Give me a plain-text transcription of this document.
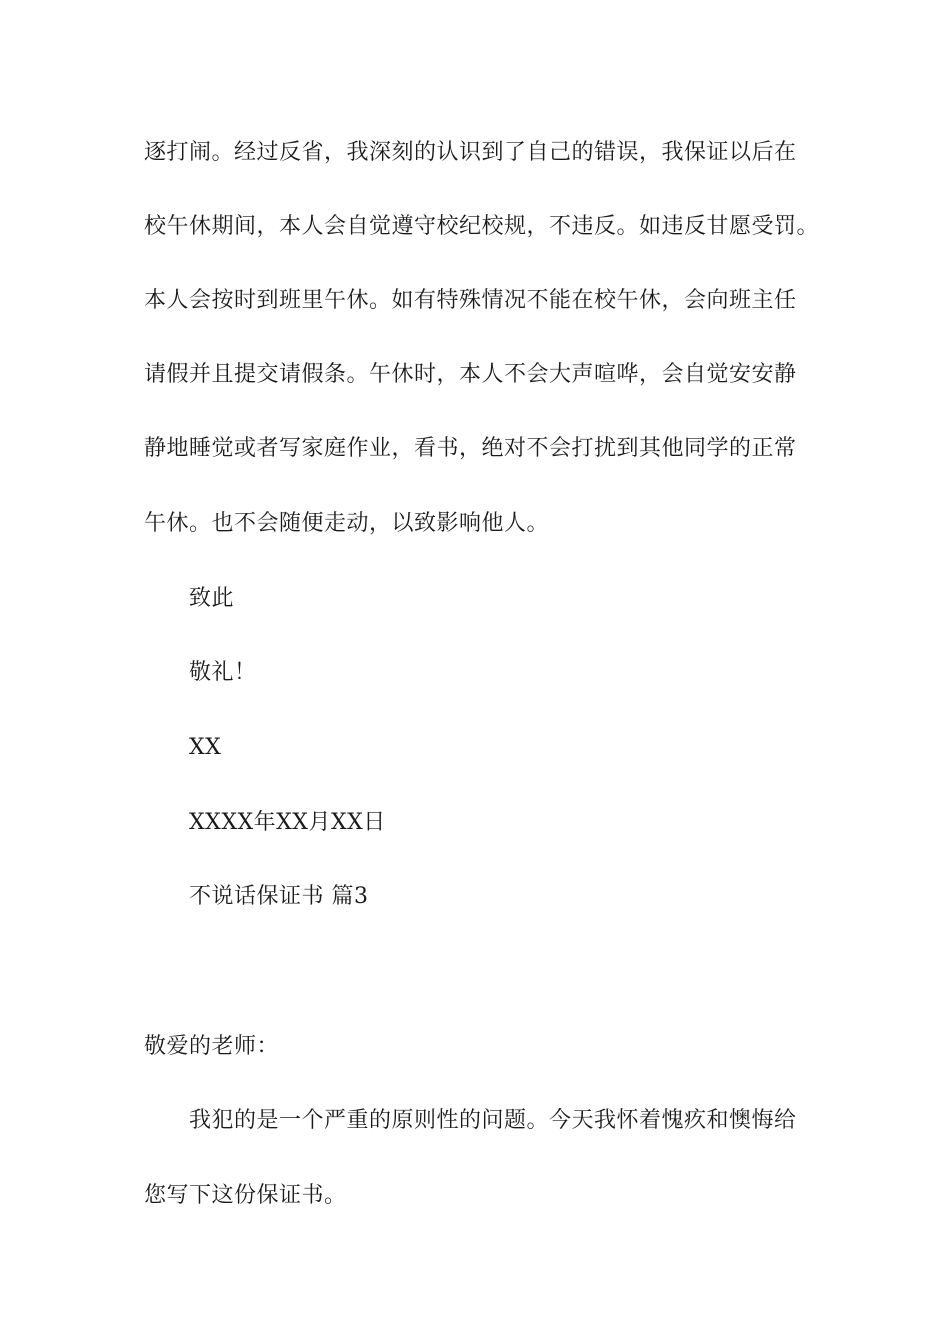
逐打闹。经过反省，我深刻的认识到了自己的错误，我保证以后在
校午休期间，本人会自觉遵守校纪校规，不违反。如违反甘愿受罚。
本人会按时到班里午休。如有特殊情况不能在校午休，会向班主任
请假并且提交请假条。午休时，本人不会大声喧哗，会自觉安安静
静地睡觉或者写家庭作业，看书，绝对不会打扰到其他同学的正常
午休。也不会随便走动，以致影响他人。
致此
敬礼！
XX
XXXX年XX月XX日
不说话保证书 篇3
敬爱的老师：
我犯的是一个严重的原则性的问题。今天我怀着愧疚和懊悔给
您写下这份保证书。
